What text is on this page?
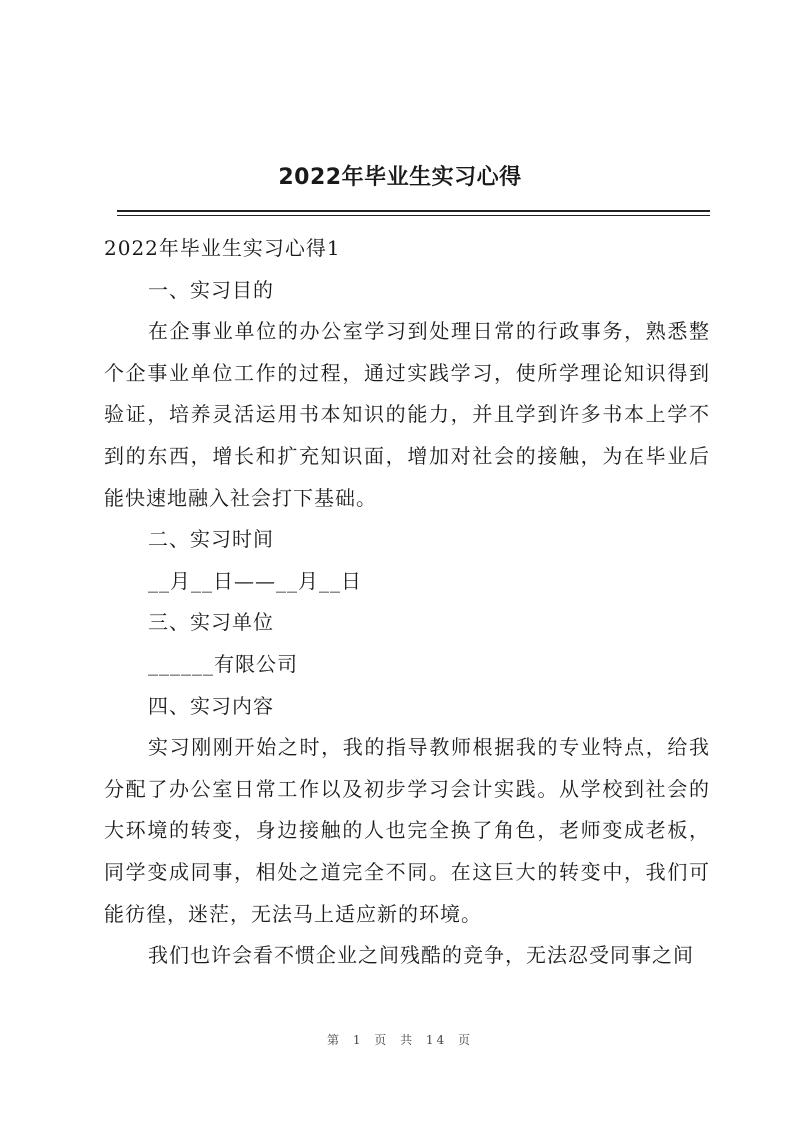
2022年毕业生实习心得

2022年毕业生实习心得1

一、实习目的

在企事业单位的办公室学习到处理日常的行政事务，熟悉整个企事业单位工作的过程，通过实践学习，使所学理论知识得到验证，培养灵活运用书本知识的能力，并且学到许多书本上学不到的东西，增长和扩充知识面，增加对社会的接触，为在毕业后能快速地融入社会打下基础。

二、实习时间

__月__日——__月__日

三、实习单位

______有限公司

四、实习内容

实习刚刚开始之时，我的指导教师根据我的专业特点，给我分配了办公室日常工作以及初步学习会计实践。从学校到社会的大环境的转变，身边接触的人也完全换了角色，老师变成老板，同学变成同事，相处之道完全不同。在这巨大的转变中，我们可能彷徨，迷茫，无法马上适应新的环境。

我们也许会看不惯企业之间残酷的竞争，无法忍受同事之间

第 1 页 共 14 页
